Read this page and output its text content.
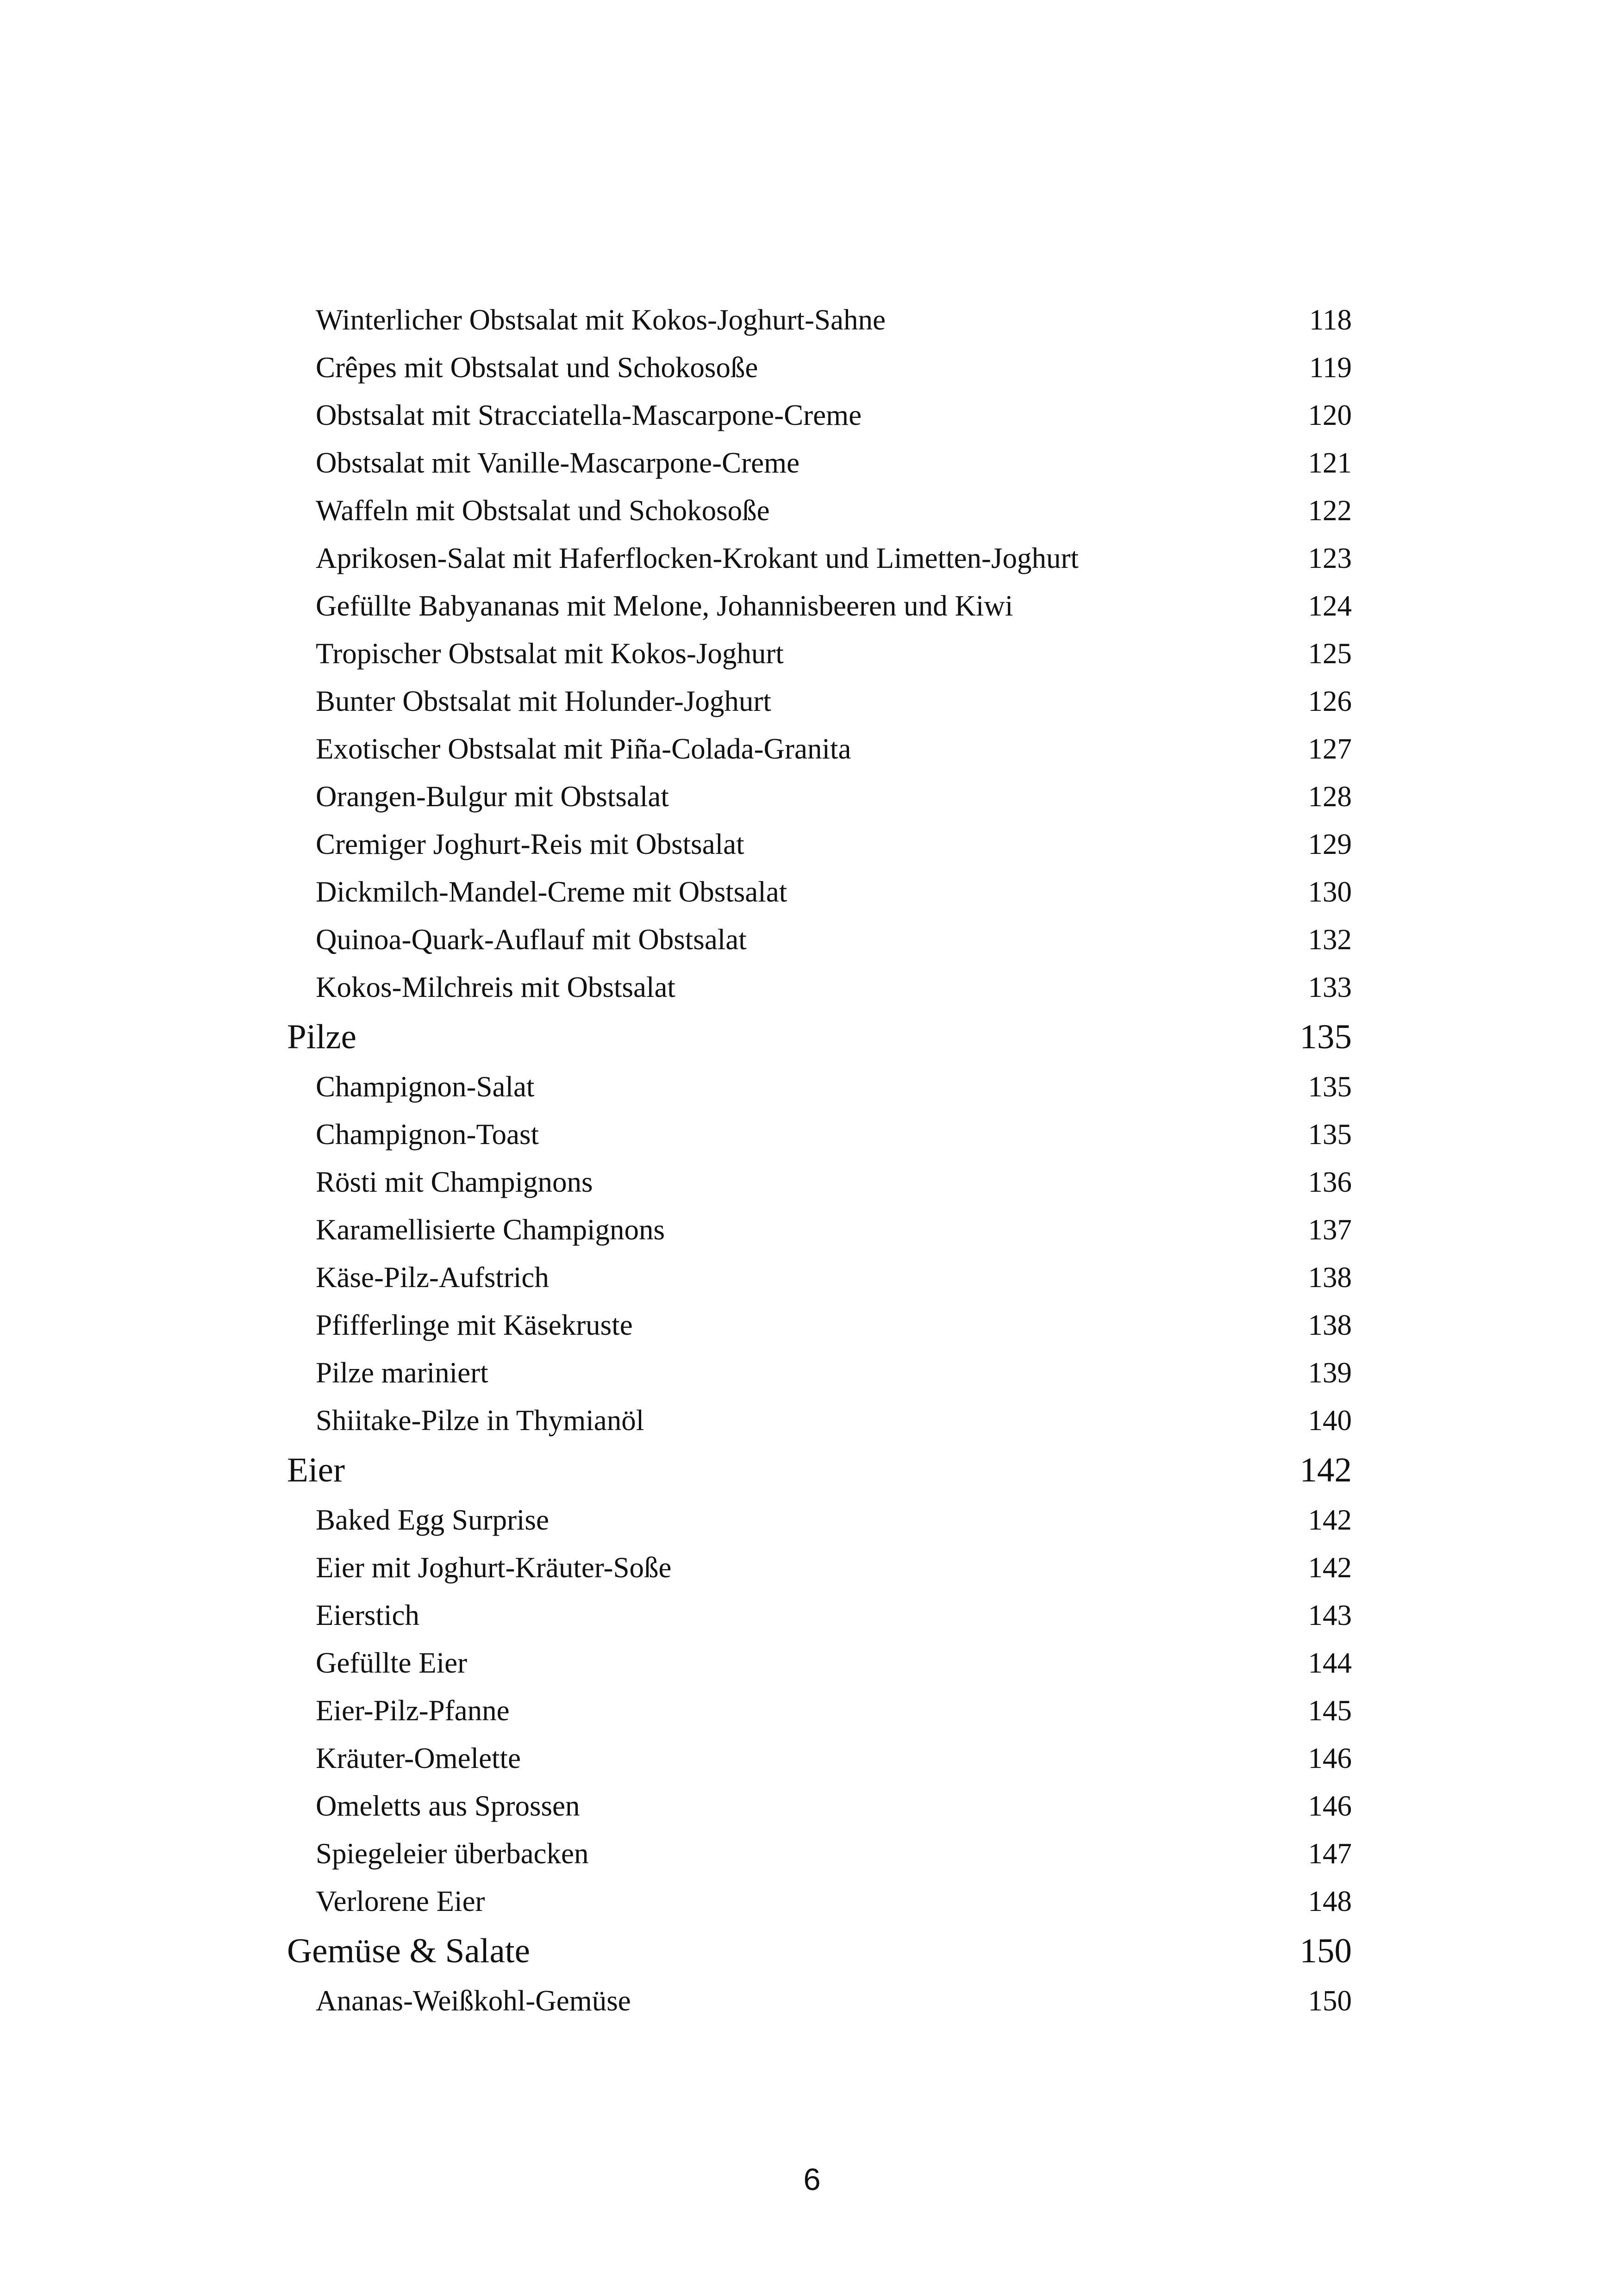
Winterlicher Obstsalat mit Kokos-Joghurt-Sahne	118
Crêpes mit Obstsalat und Schokosoße	119
Obstsalat mit Stracciatella-Mascarpone-Creme	120
Obstsalat mit Vanille-Mascarpone-Creme	121
Waffeln mit Obstsalat und Schokosoße	122
Aprikosen-Salat mit Haferflocken-Krokant und Limetten-Joghurt	123
Gefüllte Babyananas mit Melone, Johannisbeeren und Kiwi	124
Tropischer Obstsalat mit Kokos-Joghurt	125
Bunter Obstsalat mit Holunder-Joghurt	126
Exotischer Obstsalat mit Piña-Colada-Granita	127
Orangen-Bulgur mit Obstsalat	128
Cremiger Joghurt-Reis mit Obstsalat	129
Dickmilch-Mandel-Creme mit Obstsalat	130
Quinoa-Quark-Auflauf mit Obstsalat	132
Kokos-Milchreis mit Obstsalat	133
Pilze	135
Champignon-Salat	135
Champignon-Toast	135
Rösti mit Champignons	136
Karamellisierte Champignons	137
Käse-Pilz-Aufstrich	138
Pfifferlinge mit Käsekruste	138
Pilze mariniert	139
Shiitake-Pilze in Thymianöl	140
Eier	142
Baked Egg Surprise	142
Eier mit Joghurt-Kräuter-Soße	142
Eierstich	143
Gefüllte Eier	144
Eier-Pilz-Pfanne	145
Kräuter-Omelette	146
Omeletts aus Sprossen	146
Spiegeleier überbacken	147
Verlorene Eier	148
Gemüse & Salate	150
Ananas-Weißkohl-Gemüse	150
6
